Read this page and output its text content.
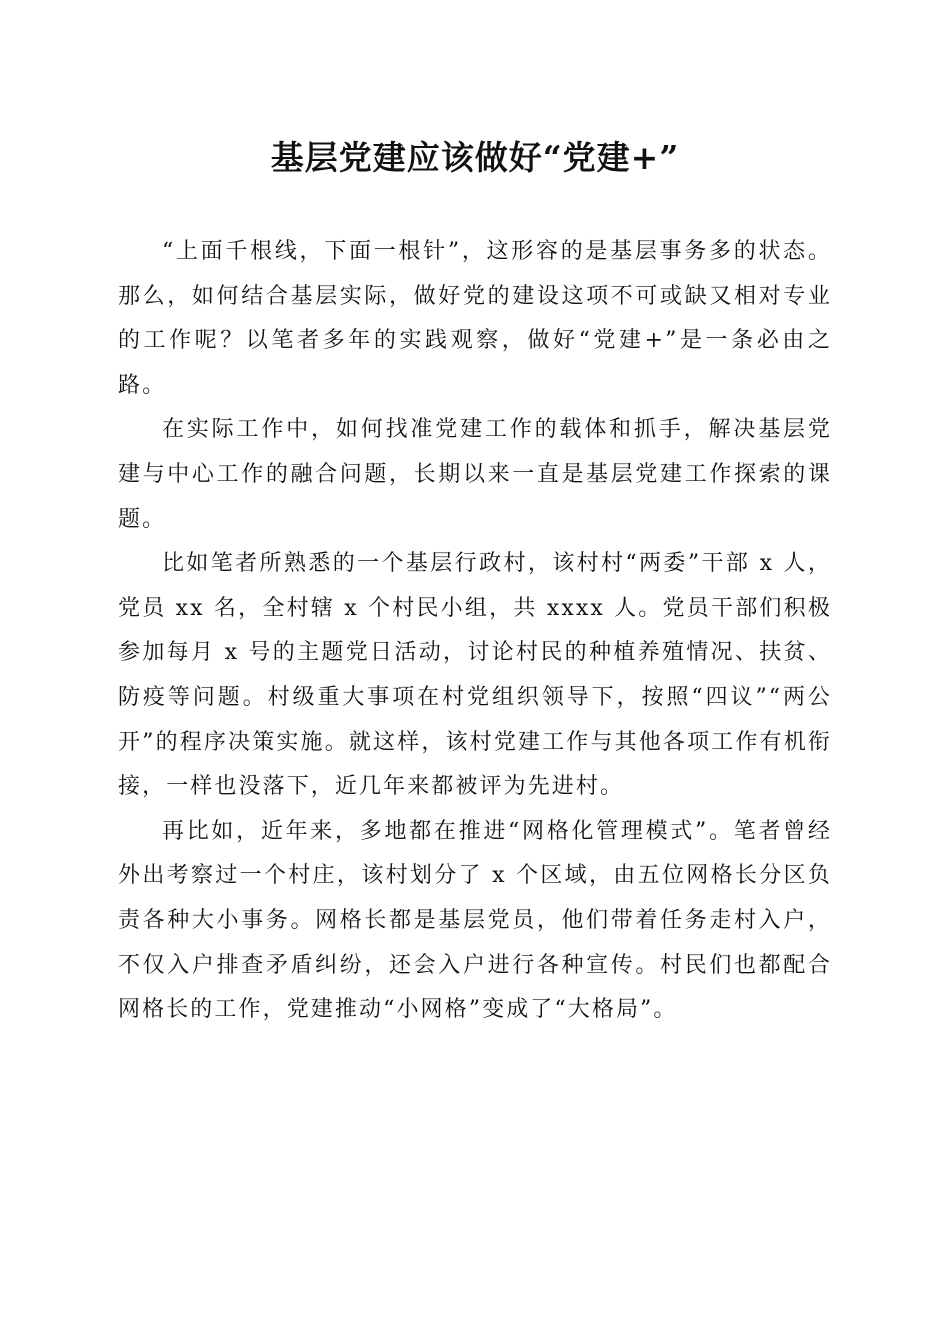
基层党建应该做好“党建+”

“上面千根线，下面一根针”，这形容的是基层事务多的状态。那么，如何结合基层实际，做好党的建设这项不可或缺又相对专业的工作呢？以笔者多年的实践观察，做好“党建+”是一条必由之路。

在实际工作中，如何找准党建工作的载体和抓手，解决基层党建与中心工作的融合问题，长期以来一直是基层党建工作探索的课题。

比如笔者所熟悉的一个基层行政村，该村村“两委”干部 x 人，党员 xx 名，全村辖 x 个村民小组，共 xxxx 人。党员干部们积极参加每月 x 号的主题党日活动，讨论村民的种植养殖情况、扶贫、防疫等问题。村级重大事项在村党组织领导下，按照“四议”“两公开”的程序决策实施。就这样，该村党建工作与其他各项工作有机衔接，一样也没落下，近几年来都被评为先进村。

再比如，近年来，多地都在推进“网格化管理模式”。笔者曾经外出考察过一个村庄，该村划分了 x 个区域，由五位网格长分区负责各种大小事务。网格长都是基层党员，他们带着任务走村入户，不仅入户排查矛盾纠纷，还会入户进行各种宣传。村民们也都配合网格长的工作，党建推动“小网格”变成了“大格局”。
